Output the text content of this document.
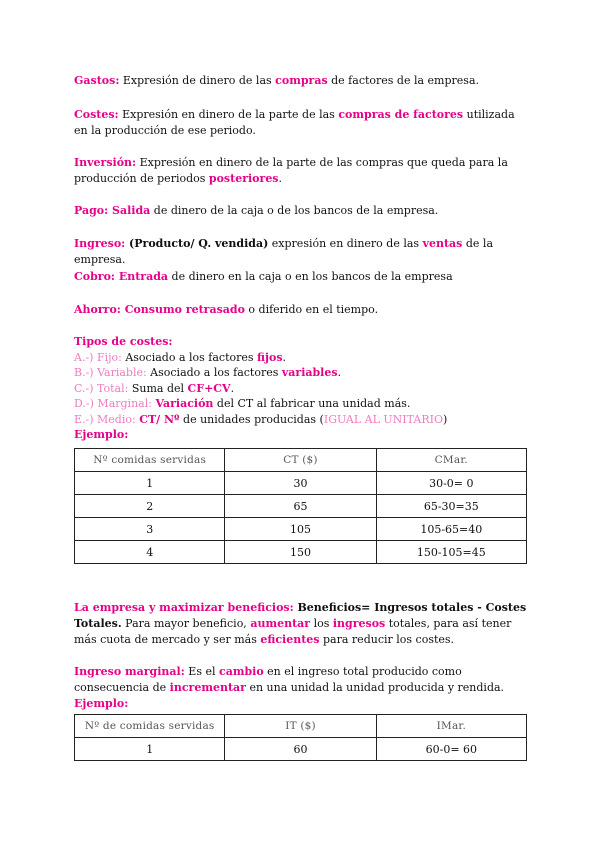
Gastos: Expresión de dinero de las compras de factores de la empresa.

Costes: Expresión en dinero de la parte de las compras de factores utilizada en la producción de ese periodo.

Inversión: Expresión en dinero de la parte de las compras que queda para la producción de periodos posteriores.

Pago: Salida de dinero de la caja o de los bancos de la empresa.

Ingreso: (Producto/ Q. vendida) expresión en dinero de las ventas de la empresa.

Cobro: Entrada de dinero en la caja o en los bancos de la empresa

Ahorro: Consumo retrasado o diferido en el tiempo.

Tipos de costes:
A.-) Fijo: Asociado a los factores fijos.
B.-) Variable: Asociado a los factores variables.
C.-) Total: Suma del CF+CV.
D.-) Marginal: Variación del CT al fabricar una unidad más.
E.-) Medio: CT/ Nº de unidades producidas (IGUAL AL UNITARIO)
Ejemplo:
Nº comidas servidas	CT ($)	CMar.
1	30	30-0= 0
2	65	65-30=35
3	105	105-65=40
4	150	150-105=45

La empresa y maximizar beneficios: Beneficios= Ingresos totales - Costes Totales. Para mayor beneficio, aumentar los ingresos totales, para así tener más cuota de mercado y ser más eficientes para reducir los costes.

Ingreso marginal: Es el cambio en el ingreso total producido como consecuencia de incrementar en una unidad la unidad producida y rendida.

Ejemplo:
Nº de comidas servidas	IT ($)	IMar.
1	60	60-0= 60
